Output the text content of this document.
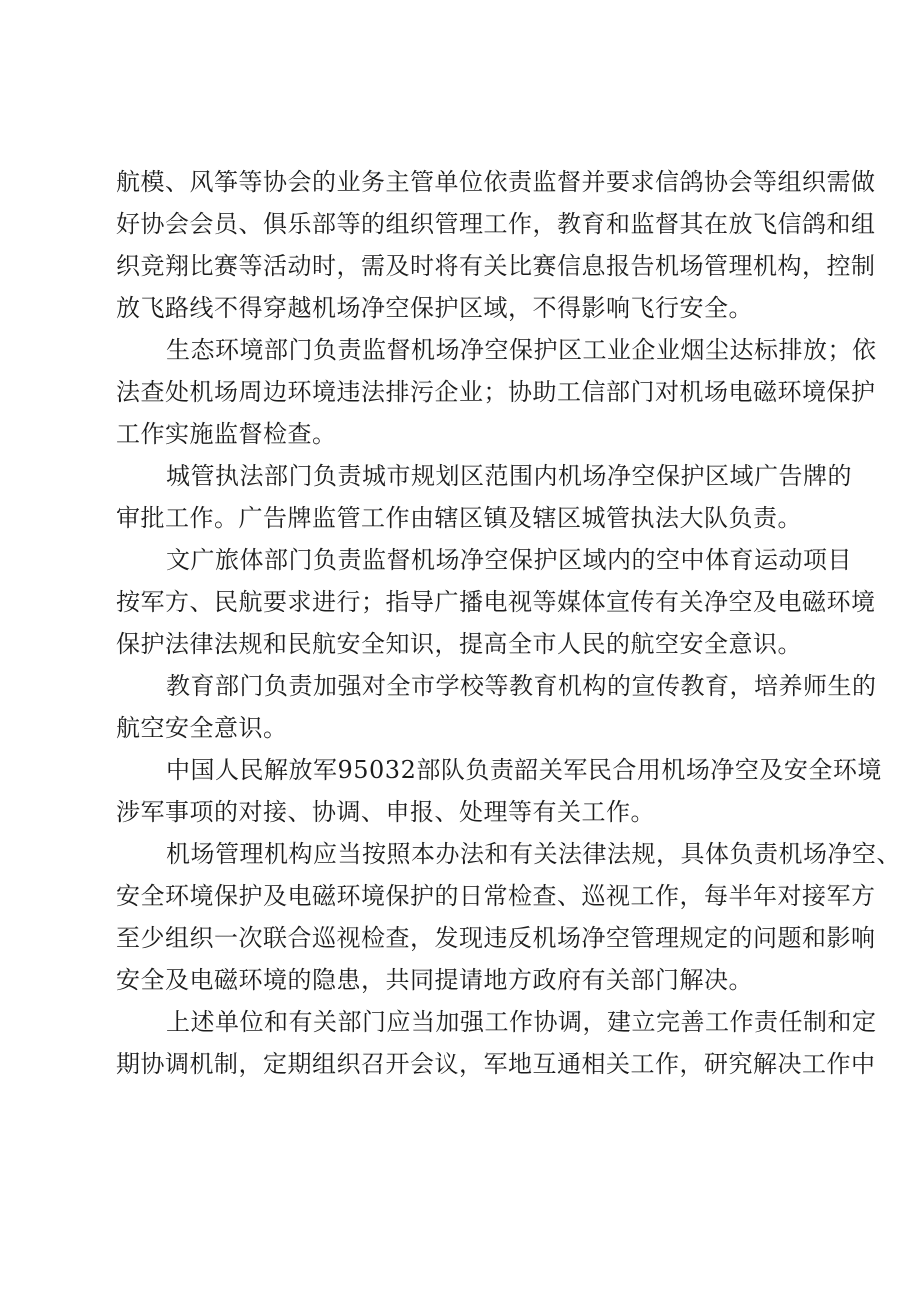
航模、风筝等协会的业务主管单位依责监督并要求信鸽协会等组织需做
好协会会员、俱乐部等的组织管理工作，教育和监督其在放飞信鸽和组
织竞翔比赛等活动时，需及时将有关比赛信息报告机场管理机构，控制
放飞路线不得穿越机场净空保护区域，不得影响飞行安全。
生态环境部门负责监督机场净空保护区工业企业烟尘达标排放；依
法查处机场周边环境违法排污企业；协助工信部门对机场电磁环境保护
工作实施监督检查。
城管执法部门负责城市规划区范围内机场净空保护区域广告牌的
审批工作。广告牌监管工作由辖区镇及辖区城管执法大队负责。
文广旅体部门负责监督机场净空保护区域内的空中体育运动项目
按军方、民航要求进行；指导广播电视等媒体宣传有关净空及电磁环境
保护法律法规和民航安全知识，提高全市人民的航空安全意识。
教育部门负责加强对全市学校等教育机构的宣传教育，培养师生的
航空安全意识。
中国人民解放军95032部队负责韶关军民合用机场净空及安全环境
涉军事项的对接、协调、申报、处理等有关工作。
机场管理机构应当按照本办法和有关法律法规，具体负责机场净空、
安全环境保护及电磁环境保护的日常检查、巡视工作，每半年对接军方
至少组织一次联合巡视检查，发现违反机场净空管理规定的问题和影响
安全及电磁环境的隐患，共同提请地方政府有关部门解决。
上述单位和有关部门应当加强工作协调，建立完善工作责任制和定
期协调机制，定期组织召开会议，军地互通相关工作，研究解决工作中
